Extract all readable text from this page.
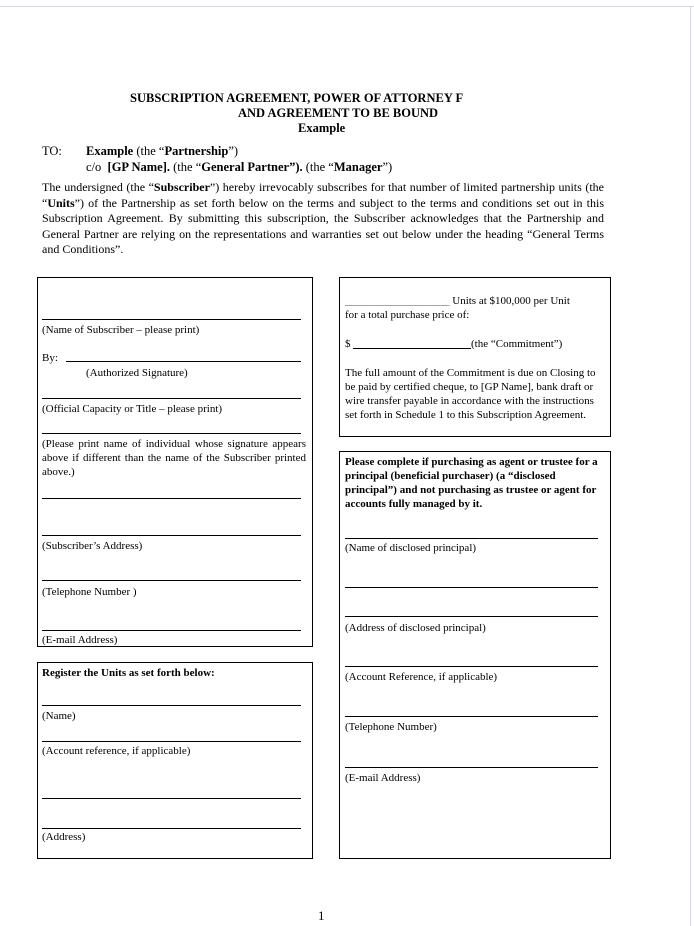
SUBSCRIPTION AGREEMENT, POWER OF ATTORNEY F
AND AGREEMENT TO BE BOUND
Example
TO: Example (the “Partnership”)
c/o  [GP Name]. (the “General Partner”). (the “Manager”)
The undersigned (the “Subscriber”) hereby irrevocably subscribes for that number of limited partnership units (the “Units”) of the Partnership as set forth below on the terms and subject to the terms and conditions set out in this Subscription Agreement. By submitting this subscription, the Subscriber acknowledges that the Partnership and General Partner are relying on the representations and warranties set out below under the heading “General Terms and Conditions”.
(Name of Subscriber – please print)
By:
(Authorized Signature)
(Official Capacity or Title – please print)
(Please print name of individual whose signature appears above if different than the name of the Subscriber printed above.)
(Subscriber’s Address)
(Telephone Number )
(E-mail Address)
Register the Units as set forth below:
(Name)
(Account reference, if applicable)
(Address)
___________________ Units at $100,000 per Unit
for a total purchase price of:
$	(the “Commitment”)
The full amount of the Commitment is due on Closing to be paid by certified cheque, to [GP Name], bank draft or wire transfer payable in accordance with the instructions set forth in Schedule 1 to this Subscription Agreement.
Please complete if purchasing as agent or trustee for a principal (beneficial purchaser) (a “disclosed principal”) and not purchasing as trustee or agent for accounts fully managed by it.
(Name of disclosed principal)
(Address of disclosed principal)
(Account Reference, if applicable)
(Telephone Number)
(E-mail Address)
1
